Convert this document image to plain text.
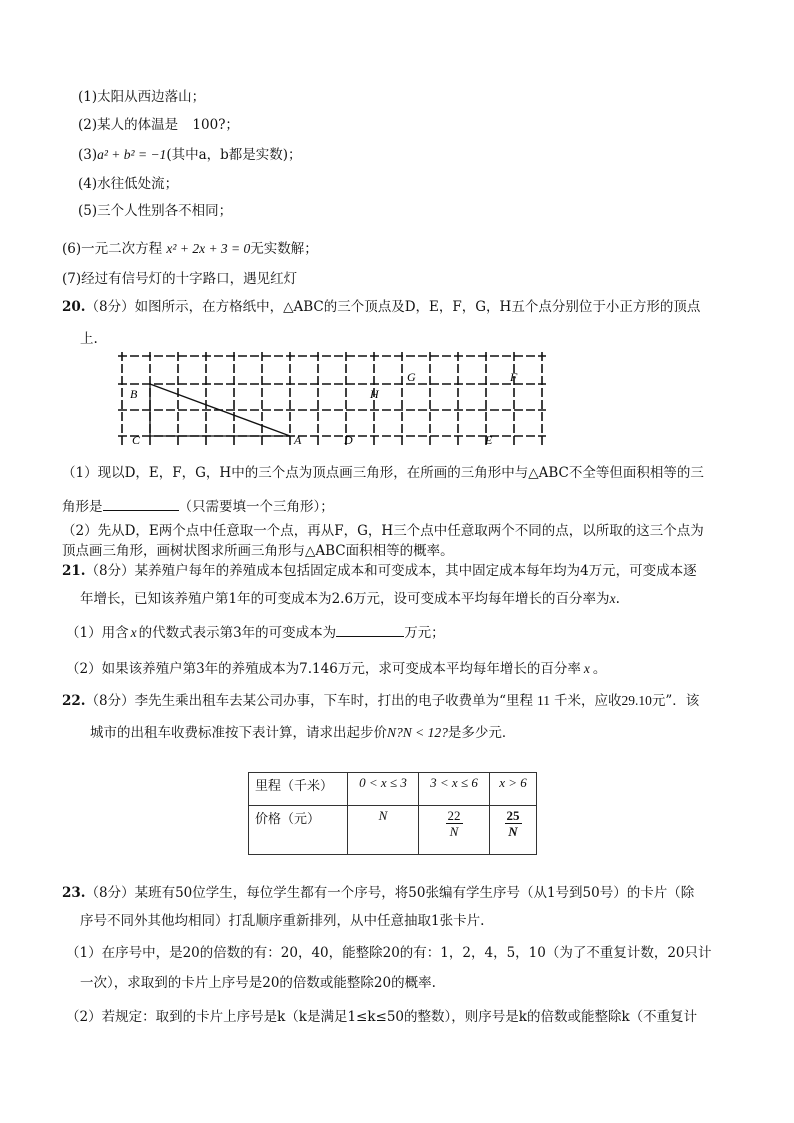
(1)太阳从西边落山；
(2)某人的体温是 100?；
(3)a² + b² = −1(其中a，b都是实数)；
(4)水往低处流；
(5)三个人性别各不相同；
(6)一元二次方程 x² + 2x + 3 = 0无实数解；
(7)经过有信号灯的十字路口，遇见红灯
20.（8分）如图所示，在方格纸中，△ABC的三个顶点及D，E，F，G，H五个点分别位于小正方形的顶点
上.
B
C	A	D
H
G	F
E
（1）现以D，E，F，G，H中的三个点为顶点画三角形，在所画的三角形中与△ABC不全等但面积相等的三
角形是	（只需要填一个三角形）；
（2）先从D，E两个点中任意取一个点，再从F，G，H三个点中任意取两个不同的点，以所取的这三个点为
顶点画三角形，画树状图求所画三角形与△ABC面积相等的概率。
21.（8分）某养殖户每年的养殖成本包括固定成本和可变成本，其中固定成本每年均为4万元，可变成本逐
年增长，已知该养殖户第1年的可变成本为2.6万元，设可变成本平均每年增长的百分率为x.
（1）用含 x 的代数式表示第3年的可变成本为	万元；
（2）如果该养殖户第3年的养殖成本为7.146万元，求可变成本平均每年增长的百分率 x 。
22.（8分）李先生乘出租车去某公司办事，下车时，打出的电子收费单为“里程 11 千米，应收29.10元”．该
城市的出租车收费标准按下表计算，请求出起步价N?N < 12?是多少元．
里程（千米）	0 < x ≤ 3	3 < x ≤ 6	x > 6
价格（元）	N	$\frac{22}{N}$	$\frac{25}{N}$
23.（8分）某班有50位学生，每位学生都有一个序号，将50张编有学生序号（从1号到50号）的卡片（除
序号不同外其他均相同）打乱顺序重新排列，从中任意抽取1张卡片.
（1）在序号中，是20的倍数的有：20，40，能整除20的有：1，2，4，5，10（为了不重复计数，20只计
一次），求取到的卡片上序号是20的倍数或能整除20的概率.
（2）若规定：取到的卡片上序号是k（k是满足1≤k≤50的整数），则序号是k的倍数或能整除k（不重复计
